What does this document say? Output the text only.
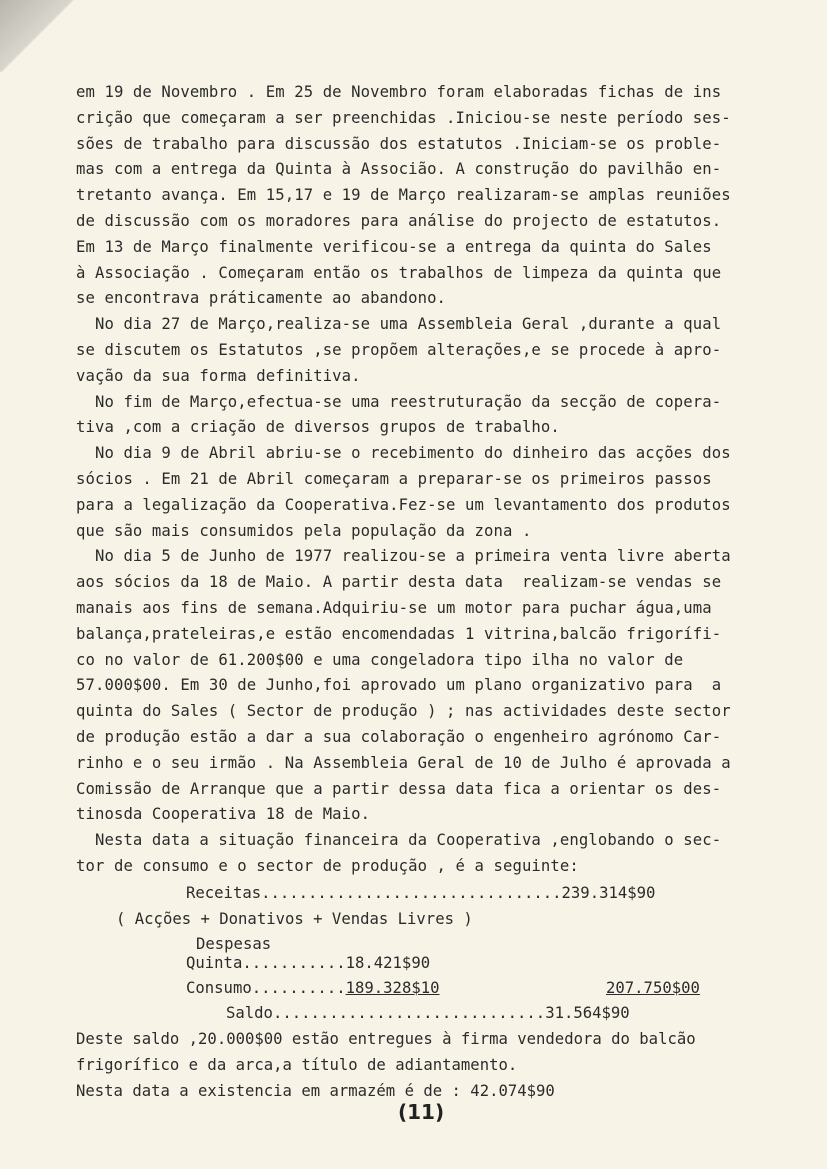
em 19 de Novembro . Em 25 de Novembro foram elaboradas fichas de ins
crição que começaram a ser preenchidas .Iniciou-se neste período ses-
sões de trabalho para discussão dos estatutos .Iniciam-se os proble-
mas com a entrega da Quinta à Associão. A construção do pavilhão en-
tretanto avança. Em 15,17 e 19 de Março realizaram-se amplas reuniões
de discussão com os moradores para análise do projecto de estatutos.
Em 13 de Março finalmente verificou-se a entrega da quinta do Sales
à Associação . Começaram então os trabalhos de limpeza da quinta que
se encontrava práticamente ao abandono.
No dia 27 de Março,realiza-se uma Assembleia Geral ,durante a qual
se discutem os Estatutos ,se propõem alterações,e se procede à apro-
vação da sua forma definitiva.
No fim de Março,efectua-se uma reestruturação da secção de copera-
tiva ,com a criação de diversos grupos de trabalho.
No dia 9 de Abril abriu-se o recebimento do dinheiro das acções dos
sócios . Em 21 de Abril começaram a preparar-se os primeiros passos
para a legalização da Cooperativa.Fez-se um levantamento dos produtos
que são mais consumidos pela população da zona .
No dia 5 de Junho de 1977 realizou-se a primeira venta livre aberta
aos sócios da 18 de Maio. A partir desta data  realizam-se vendas se
manais aos fins de semana.Adquiriu-se um motor para puchar água,uma
balança,prateleiras,e estão encomendadas 1 vitrina,balcão frigorífi-
co no valor de 61.200$00 e uma congeladora tipo ilha no valor de
57.000$00. Em 30 de Junho,foi aprovado um plano organizativo para  a
quinta do Sales ( Sector de produção ) ; nas actividades deste sector
de produção estão a dar a sua colaboração o engenheiro agrónomo Car-
rinho e o seu irmão . Na Assembleia Geral de 10 de Julho é aprovada a
Comissão de Arranque que a partir dessa data fica a orientar os des-
tinosda Cooperativa 18 de Maio.
Nesta data a situação financeira da Cooperativa ,englobando o sec-
tor de consumo e o sector de produção , é a seguinte:
Receitas................................239.314$90
( Acções + Donativos + Vendas Livres )
Despesas
Quinta...........18.421$90
Consumo..........189.328$10	207.750$00
Saldo.............................31.564$90
Deste saldo ,20.000$00 estão entregues à firma vendedora do balcão
frigorífico e da arca,a título de adiantamento.
Nesta data a existencia em armazém é de : 42.074$90
(11)
